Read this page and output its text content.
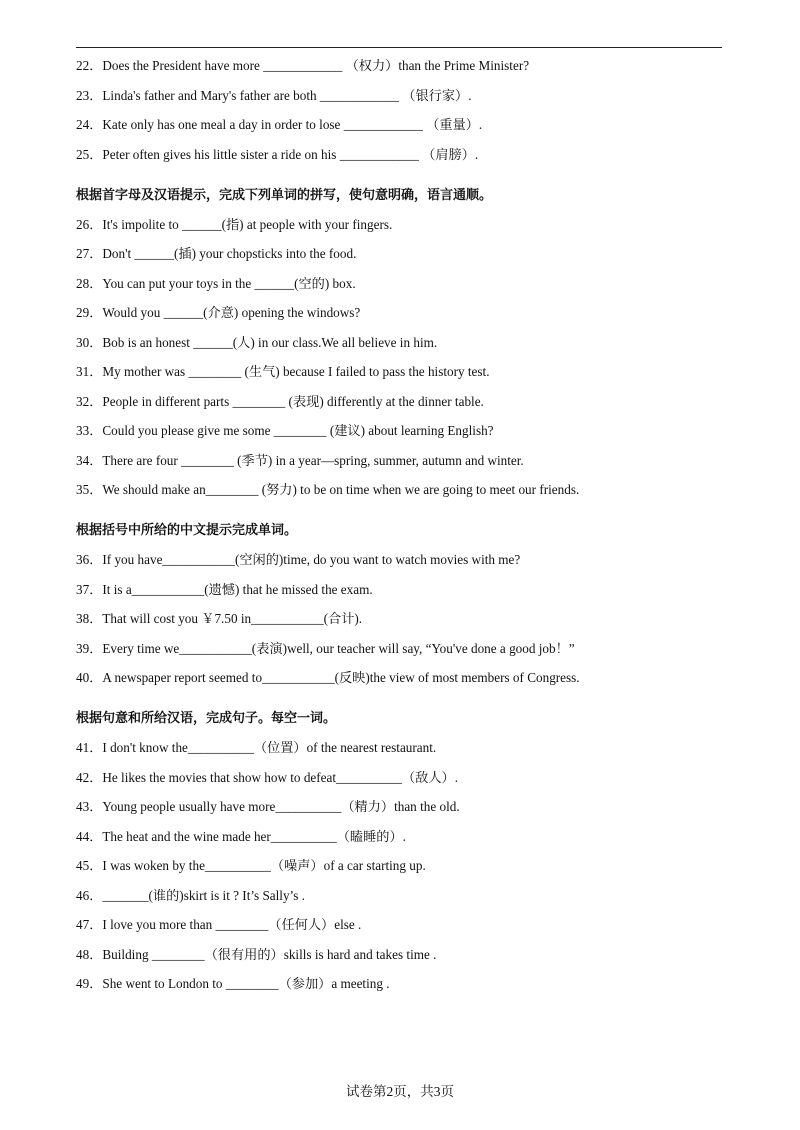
22．Does the President have more ____________ （权力）than the Prime Minister?
23．Linda's father and Mary's father are both ____________ （银行家）.
24．Kate only has one meal a day in order to lose ____________ （重量）.
25．Peter often gives his little sister a ride on his ____________ （肩膀）.
根据首字母及汉语提示，完成下列单词的拼写，使句意明确，语言通顺。
26．It's impolite to ______(指) at people with your fingers.
27．Don't ______(插) your chopsticks into the food.
28．You can put your toys in the ______(空的) box.
29．Would you ______(介意) opening the windows?
30．Bob is an honest ______(人) in our class.We all believe in him.
31．My mother was ________ (生气) because I failed to pass the history test.
32．People in different parts ________ (表现) differently at the dinner table.
33．Could you please give me some ________ (建议) about learning English?
34．There are four ________ (季节) in a year—spring, summer, autumn and winter.
35．We should make an________ (努力) to be on time when we are going to meet our friends.
根据括号中所给的中文提示完成单词。
36．If you have___________(空闲的)time, do you want to watch movies with me?
37．It is a___________(遗憾) that he missed the exam.
38．That will cost you ￥7.50 in___________(合计).
39．Every time we___________(表演)well, our teacher will say, “You've done a good job！”
40．A newspaper report seemed to___________(反映)the view of most members of Congress.
根据句意和所给汉语，完成句子。每空一词。
41．I don't know the__________（位置）of the nearest restaurant.
42．He likes the movies that show how to defeat__________（敌人）.
43．Young people usually have more__________（精力）than the old.
44．The heat and the wine made her__________（瞌睡的）.
45．I was woken by the__________（噪声）of a car starting up.
46．_______(谁的)skirt is it ? It’s Sally’s .
47．I love you more than ________（任何人）else .
48．Building ________（很有用的）skills is hard and takes time .
49．She went to London to ________（参加）a meeting .
试卷第2页，共3页
